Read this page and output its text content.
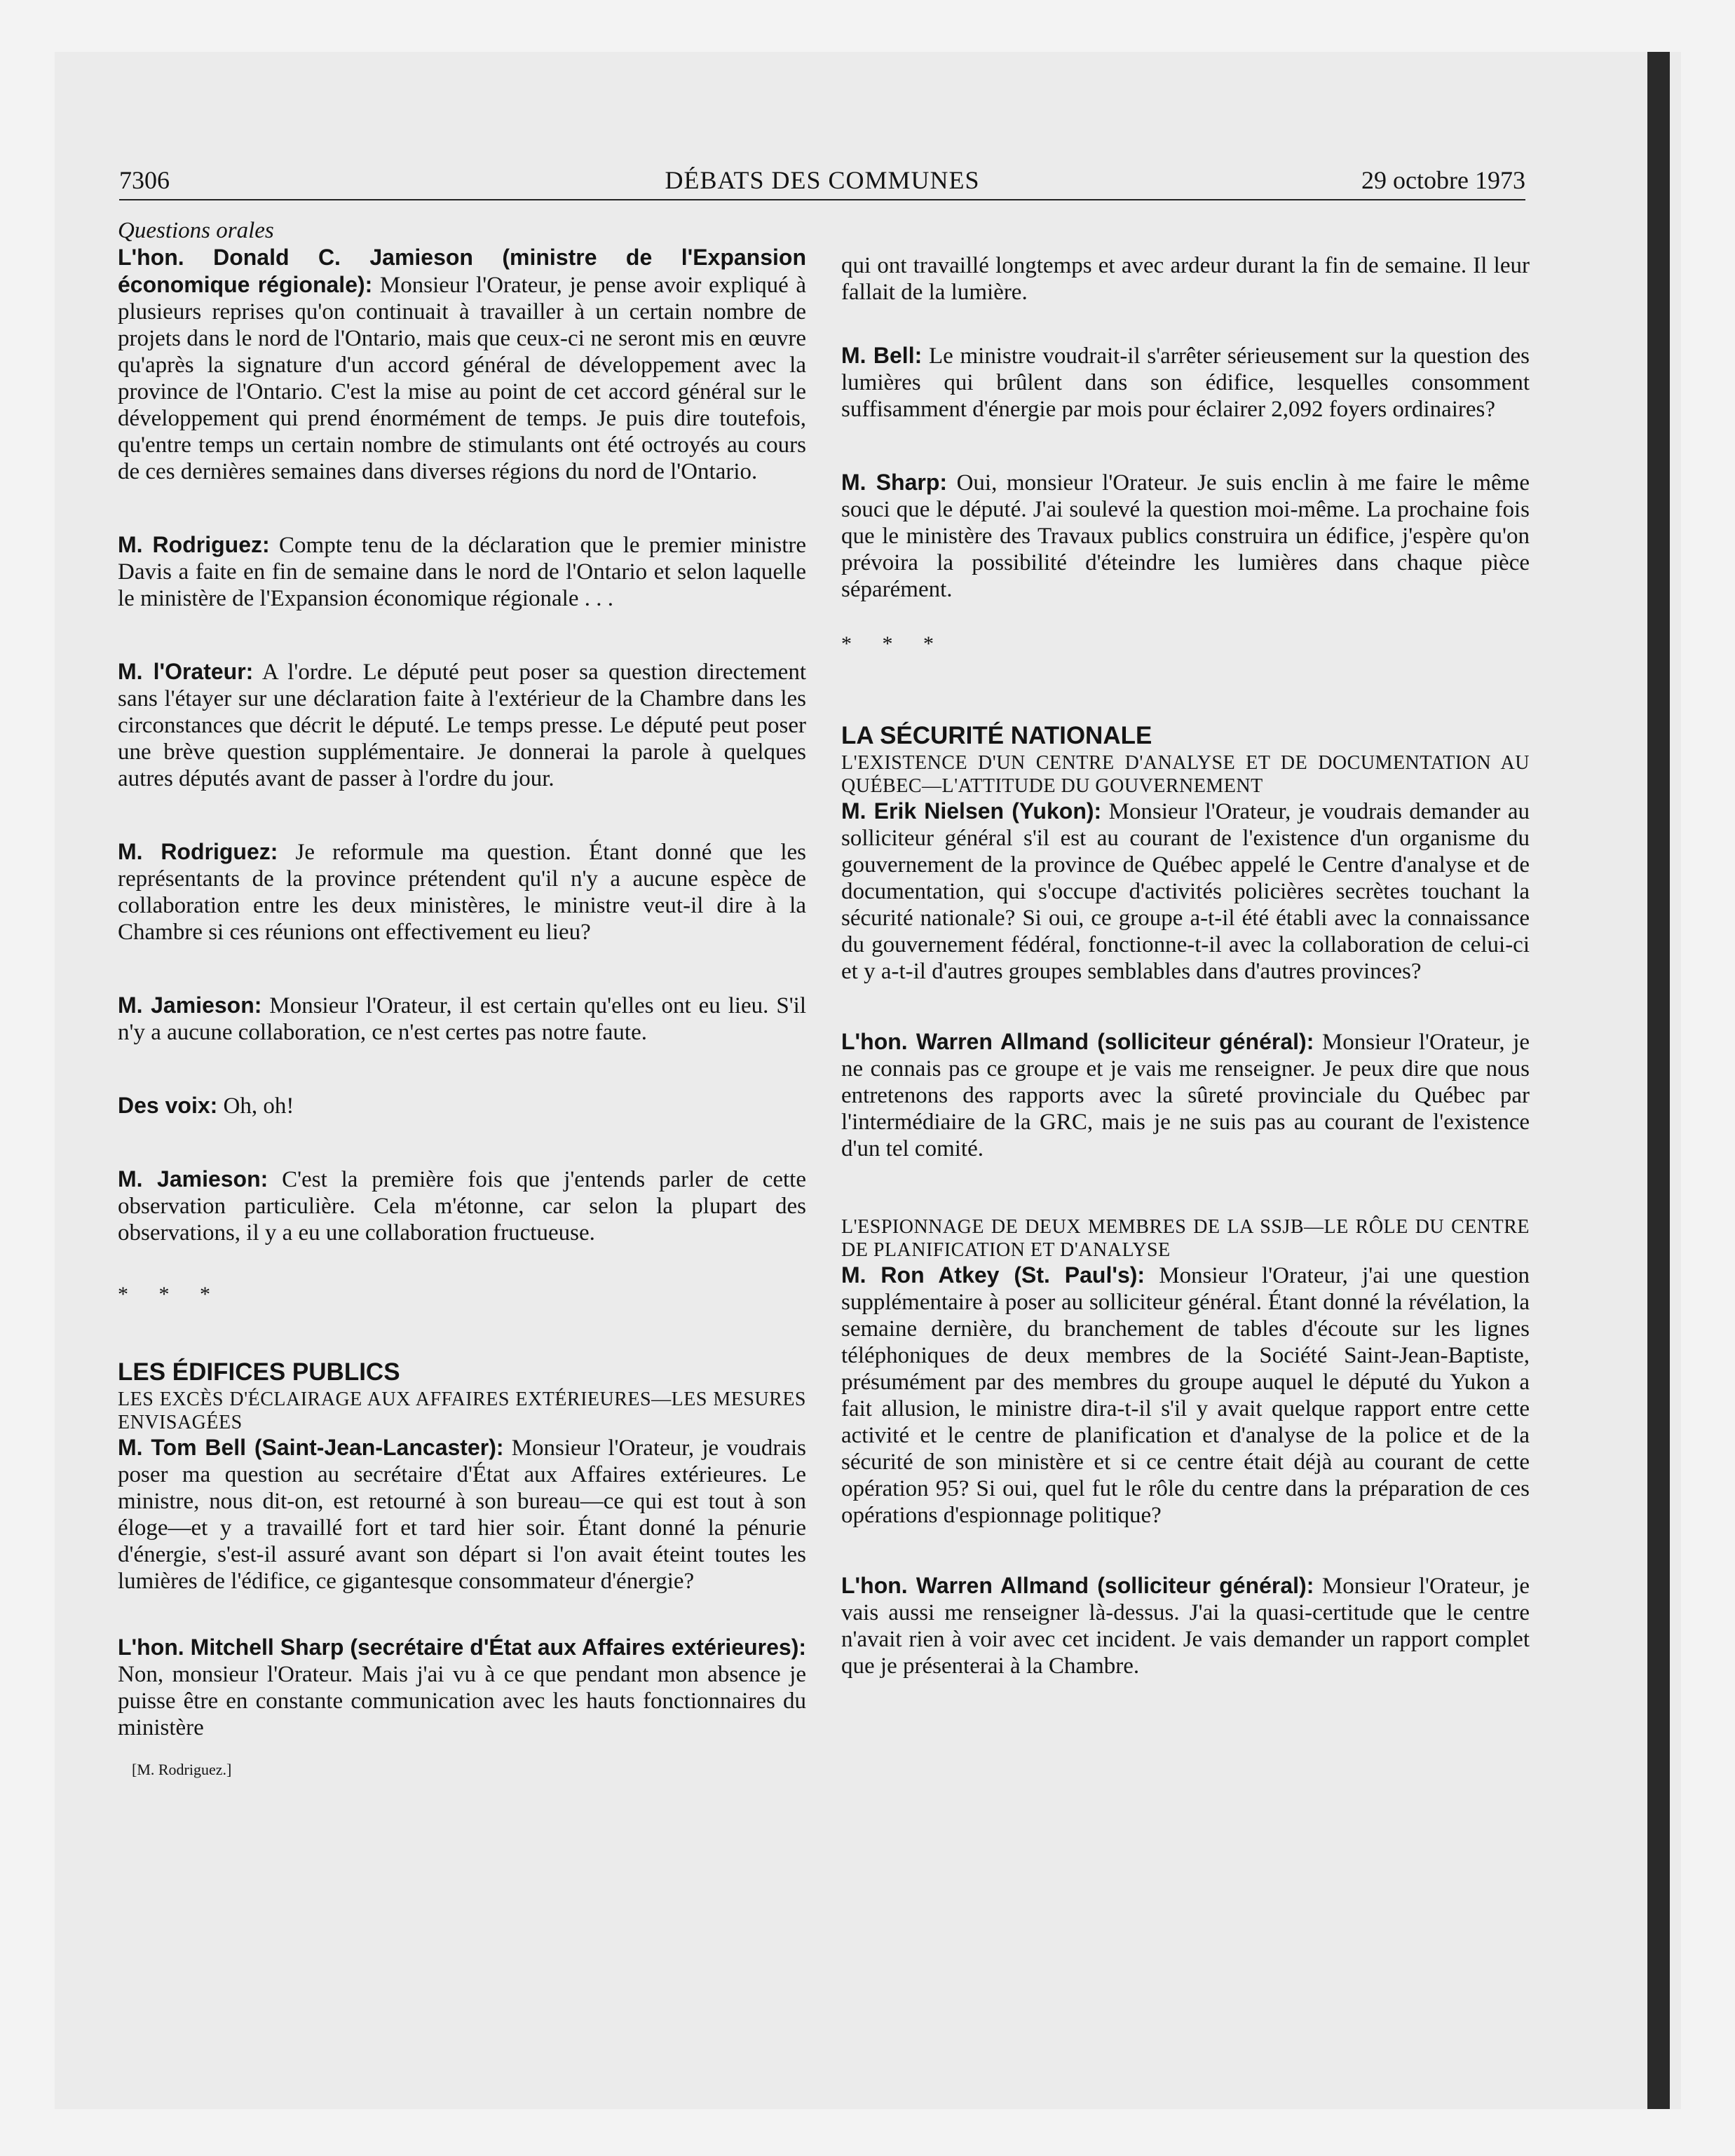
7306	DÉBATS DES COMMUNES	29 octobre 1973

Questions orales

L'hon. Donald C. Jamieson (ministre de l'Expansion économique régionale): Monsieur l'Orateur, je pense avoir expliqué à plusieurs reprises qu'on continuait à travailler à un certain nombre de projets dans le nord de l'Ontario, mais que ceux-ci ne seront mis en œuvre qu'après la signature d'un accord général de développement avec la province de l'Ontario. C'est la mise au point de cet accord général sur le développement qui prend énormément de temps. Je puis dire toutefois, qu'entre temps un certain nombre de stimulants ont été octroyés au cours de ces dernières semaines dans diverses régions du nord de l'Ontario.

M. Rodriguez: Compte tenu de la déclaration que le premier ministre Davis a faite en fin de semaine dans le nord de l'Ontario et selon laquelle le ministère de l'Expansion économique régionale . . .

M. l'Orateur: A l'ordre. Le député peut poser sa question directement sans l'étayer sur une déclaration faite à l'extérieur de la Chambre dans les circonstances que décrit le député. Le temps presse. Le député peut poser une brève question supplémentaire. Je donnerai la parole à quelques autres députés avant de passer à l'ordre du jour.

M. Rodriguez: Je reformule ma question. Étant donné que les représentants de la province prétendent qu'il n'y a aucune espèce de collaboration entre les deux ministères, le ministre veut-il dire à la Chambre si ces réunions ont effectivement eu lieu?

M. Jamieson: Monsieur l'Orateur, il est certain qu'elles ont eu lieu. S'il n'y a aucune collaboration, ce n'est certes pas notre faute.

Des voix: Oh, oh!

M. Jamieson: C'est la première fois que j'entends parler de cette observation particulière. Cela m'étonne, car selon la plupart des observations, il y a eu une collaboration fructueuse.

* * *

LES ÉDIFICES PUBLICS

LES EXCÈS D'ÉCLAIRAGE AUX AFFAIRES EXTÉRIEURES—LES MESURES ENVISAGÉES

M. Tom Bell (Saint-Jean-Lancaster): Monsieur l'Orateur, je voudrais poser ma question au secrétaire d'État aux Affaires extérieures. Le ministre, nous dit-on, est retourné à son bureau—ce qui est tout à son éloge—et y a travaillé fort et tard hier soir. Étant donné la pénurie d'énergie, s'est-il assuré avant son départ si l'on avait éteint toutes les lumières de l'édifice, ce gigantesque consommateur d'énergie?

L'hon. Mitchell Sharp (secrétaire d'État aux Affaires extérieures): Non, monsieur l'Orateur. Mais j'ai vu à ce que pendant mon absence je puisse être en constante communication avec les hauts fonctionnaires du ministère

[M. Rodriguez.]

qui ont travaillé longtemps et avec ardeur durant la fin de semaine. Il leur fallait de la lumière.

M. Bell: Le ministre voudrait-il s'arrêter sérieusement sur la question des lumières qui brûlent dans son édifice, lesquelles consomment suffisamment d'énergie par mois pour éclairer 2,092 foyers ordinaires?

M. Sharp: Oui, monsieur l'Orateur. Je suis enclin à me faire le même souci que le député. J'ai soulevé la question moi-même. La prochaine fois que le ministère des Travaux publics construira un édifice, j'espère qu'on prévoira la possibilité d'éteindre les lumières dans chaque pièce séparément.

* * *

LA SÉCURITÉ NATIONALE

L'EXISTENCE D'UN CENTRE D'ANALYSE ET DE DOCUMENTATION AU QUÉBEC—L'ATTITUDE DU GOUVERNEMENT

M. Erik Nielsen (Yukon): Monsieur l'Orateur, je voudrais demander au solliciteur général s'il est au courant de l'existence d'un organisme du gouvernement de la province de Québec appelé le Centre d'analyse et de documentation, qui s'occupe d'activités policières secrètes touchant la sécurité nationale? Si oui, ce groupe a-t-il été établi avec la connaissance du gouvernement fédéral, fonctionne-t-il avec la collaboration de celui-ci et y a-t-il d'autres groupes semblables dans d'autres provinces?

L'hon. Warren Allmand (solliciteur général): Monsieur l'Orateur, je ne connais pas ce groupe et je vais me renseigner. Je peux dire que nous entretenons des rapports avec la sûreté provinciale du Québec par l'intermédiaire de la GRC, mais je ne suis pas au courant de l'existence d'un tel comité.

L'ESPIONNAGE DE DEUX MEMBRES DE LA SSJB—LE RÔLE DU CENTRE DE PLANIFICATION ET D'ANALYSE

M. Ron Atkey (St. Paul's): Monsieur l'Orateur, j'ai une question supplémentaire à poser au solliciteur général. Étant donné la révélation, la semaine dernière, du branchement de tables d'écoute sur les lignes téléphoniques de deux membres de la Société Saint-Jean-Baptiste, présumément par des membres du groupe auquel le député du Yukon a fait allusion, le ministre dira-t-il s'il y avait quelque rapport entre cette activité et le centre de planification et d'analyse de la police et de la sécurité de son ministère et si ce centre était déjà au courant de cette opération 95? Si oui, quel fut le rôle du centre dans la préparation de ces opérations d'espionnage politique?

L'hon. Warren Allmand (solliciteur général): Monsieur l'Orateur, je vais aussi me renseigner là-dessus. J'ai la quasi-certitude que le centre n'avait rien à voir avec cet incident. Je vais demander un rapport complet que je présenterai à la Chambre.
